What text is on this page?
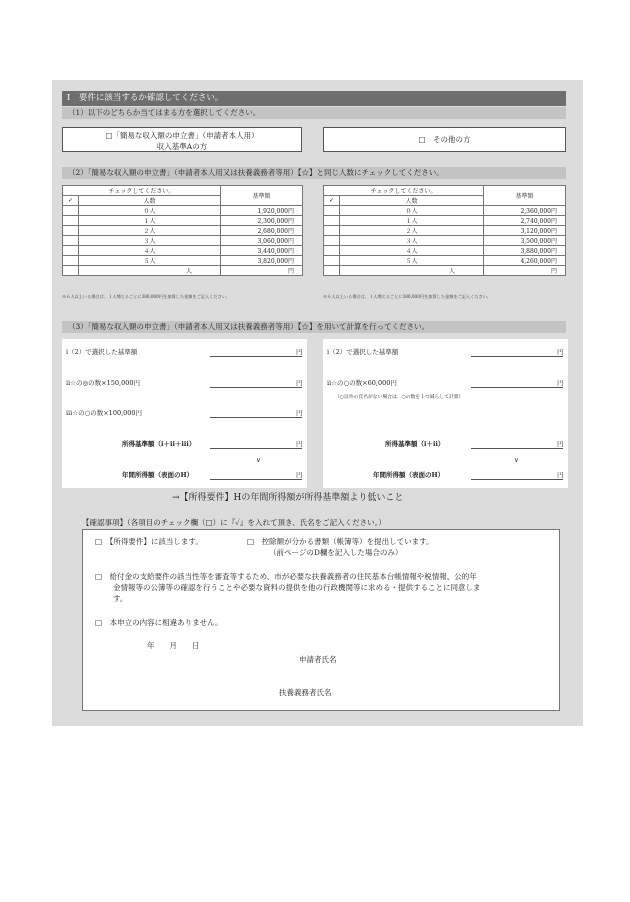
Ⅰ　要件に該当するか確認してください。
（1）以下のどちらか当てはまる方を選択してください。
□「簡易な収入額の申立書」（申請者本人用）
収入基準Aの方
□　その他の方
（2）「簡易な収入額の申立書」（申請者本人用又は扶養義務者等用）【☆】と同じ人数にチェックしてください。
チェックしてください。		基準額
✓	人数	
	０人	1,920,000円
	１人	2,300,000円
	２人	2,680,000円
	３人	3,060,000円
	４人	3,440,000円
	５人	3,820,000円
	人	円
※６人以上いる場合は、１人増えるごとに380,000円を加算した金額をご記入ください。
チェックしてください。		基準額
✓	人数	
	０人	2,360,000円
	１人	2,740,000円
	２人	3,120,000円
	３人	3,500,000円
	４人	3,880,000円
	５人	4,260,000円
	人	円
※６人以上いる場合は、１人増えるごとに380,000円を加算した金額をご記入ください。
（3）「簡易な収入額の申立書」（申請者本人用又は扶養義務者等用）【☆】を用いて計算を行ってください。
ⅰ（2）で選択した基準額	円
ⅱ☆の◎の数×150,000円	円
ⅲ☆の○の数×100,000円	円
所得基準額（ⅰ＋ⅱ＋ⅲ）	円
∨
年間所得額（表面のH）	円
ⅰ（2）で選択した基準額	円
ⅱ☆の○の数×60,000円	円
（○以外の氏名がない場合は、○の数を１つ減らして計算）
所得基準額（ⅰ＋ⅱ）	円
∨
年間所得額（表面のH）	円
→【所得要件】Hの年間所得額が所得基準額より低いこと
【確認事項】（各項目のチェック欄（□）に『✓』を入れて頂き、氏名をご記入ください。）
□　【所得要件】に該当します。	□　控除額が分かる書類（帳簿等）を提出しています。
（前ページのD欄を記入した場合のみ）
□　給付金の支給要件の該当性等を審査等するため、市が必要な扶養義務者の住民基本台帳情報や税情報、公的年
金情報等の公簿等の確認を行うことや必要な資料の提供を他の行政機関等に求める・提供することに同意しま
す。
□　本申立の内容に相違ありません。
年　　月　　日
申請者氏名
扶養義務者氏名
